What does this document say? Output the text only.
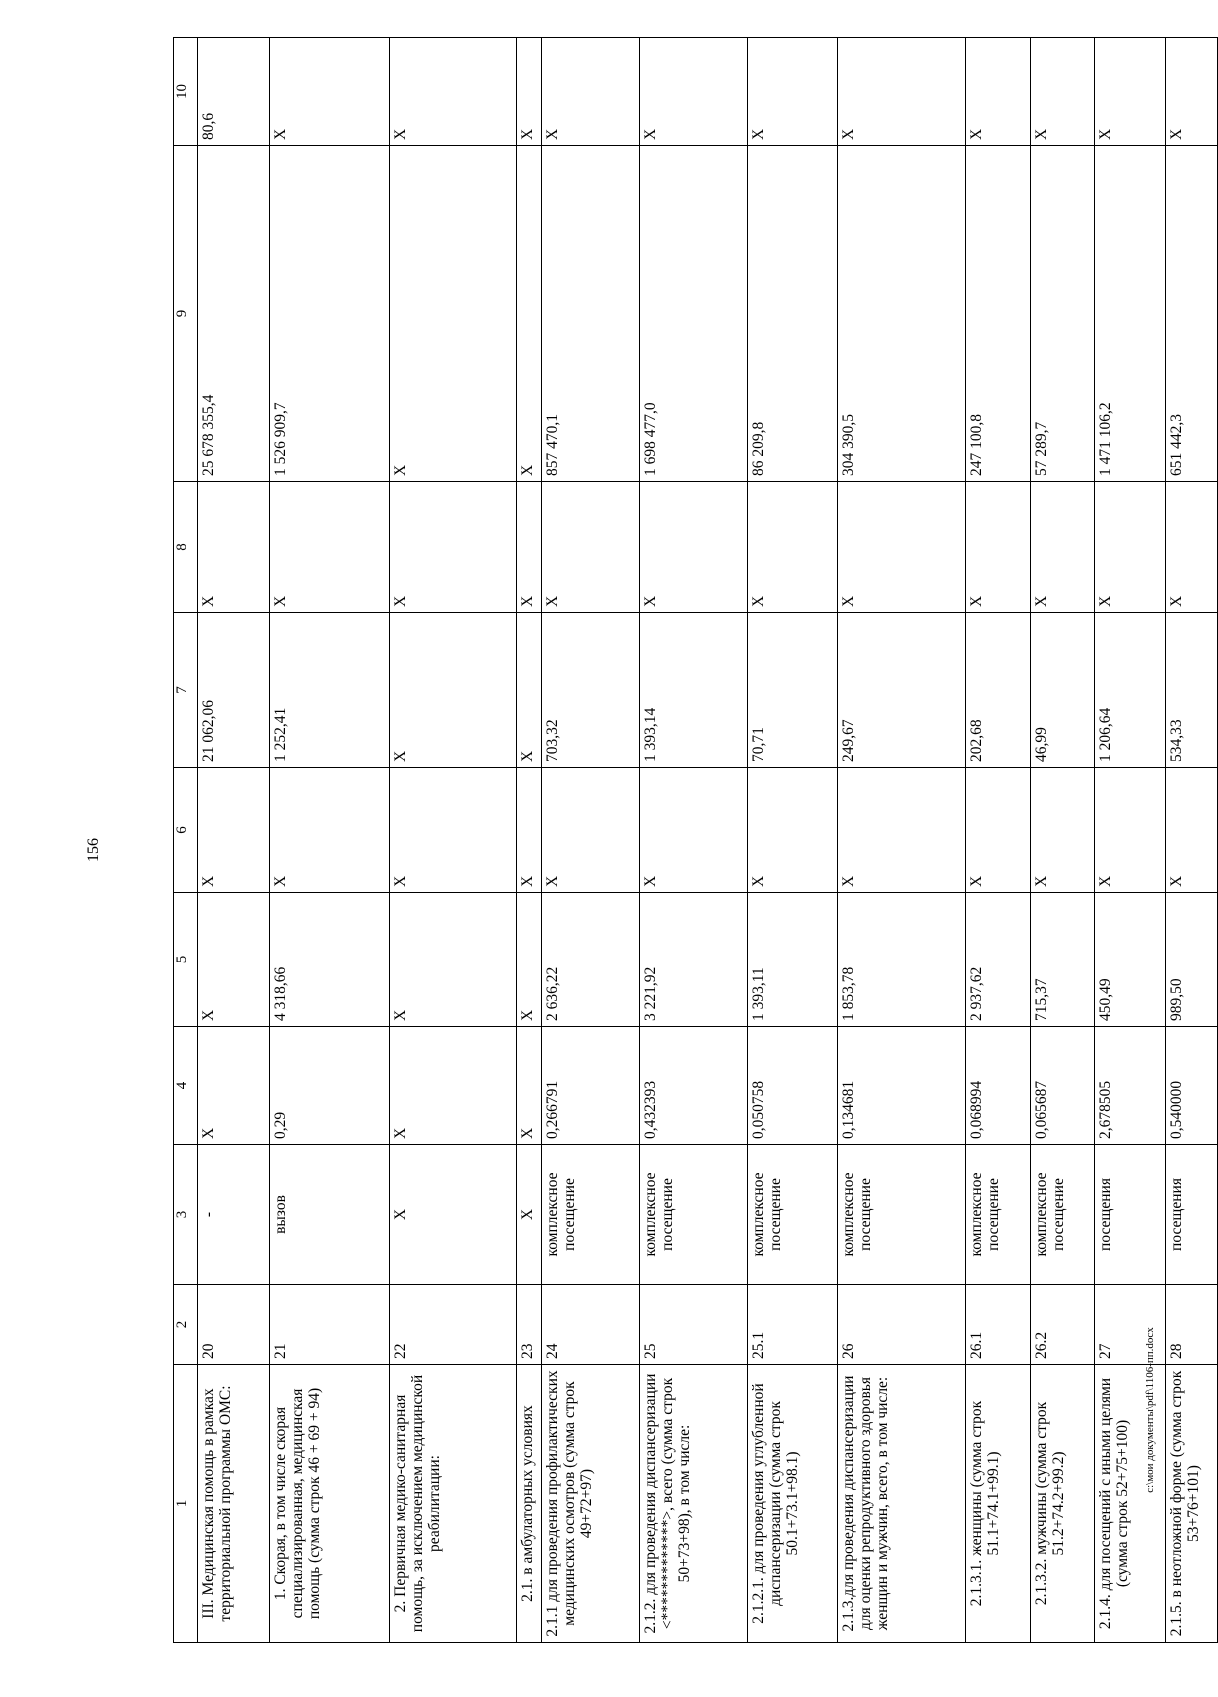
156
c:\мои документы\pdf\1106-пп.docx
1	2	3	4	5	6	7	8	9	10
III. Медицинская помощь в рамках территориальной программы ОМС:	20	-	Х	Х	Х	21 062,06	Х	25 678 355,4	80,6
1. Скорая, в том числе скорая специализированная, медицинская помощь (сумма строк 46 + 69 + 94)	21	вызов	0,29	4 318,66	Х	1 252,41	Х	1 526 909,7	Х
2. Первичная медико-санитарная помощь, за исключением медицинской реабилитации:	22	Х	Х	Х	Х	Х	Х	Х	Х
2.1. в амбулаторных условиях	23	Х	Х	Х	Х	Х	Х	Х	Х
2.1.1 для проведения профилактических медицинских осмотров (сумма строк 49+72+97)	24	комплексное посещение	0,266791	2 636,22	Х	703,32	Х	857 470,1	Х
2.1.2. для проведения диспансеризации <*************>, всего (сумма строк 50+73+98), в том числе:	25	комплексное посещение	0,432393	3 221,92	Х	1 393,14	Х	1 698 477,0	Х
2.1.2.1. для проведения углубленной диспансеризации (сумма строк 50.1+73.1+98.1)	25.1	комплексное посещение	0,050758	1 393,11	Х	70,71	Х	86 209,8	Х
2.1.3.для проведения диспансеризации для оценки репродуктивного здоровья женщин и мужчин, всего, в том числе:	26	комплексное посещение	0,134681	1 853,78	Х	249,67	Х	304 390,5	Х
2.1.3.1. женщины (сумма строк 51.1+74.1+99.1)	26.1	комплексное посещение	0,068994	2 937,62	Х	202,68	Х	247 100,8	Х
2.1.3.2. мужчины (сумма строк 51.2+74.2+99.2)	26.2	комплексное посещение	0,065687	715,37	Х	46,99	Х	57 289,7	Х
2.1.4. для посещений с иными целями (сумма строк 52+75+100)	27	посещения	2,678505	450,49	Х	1 206,64	Х	1 471 106,2	Х
2.1.5. в неотложной форме (сумма строк 53+76+101)	28	посещения	0,540000	989,50	Х	534,33	Х	651 442,3	Х
